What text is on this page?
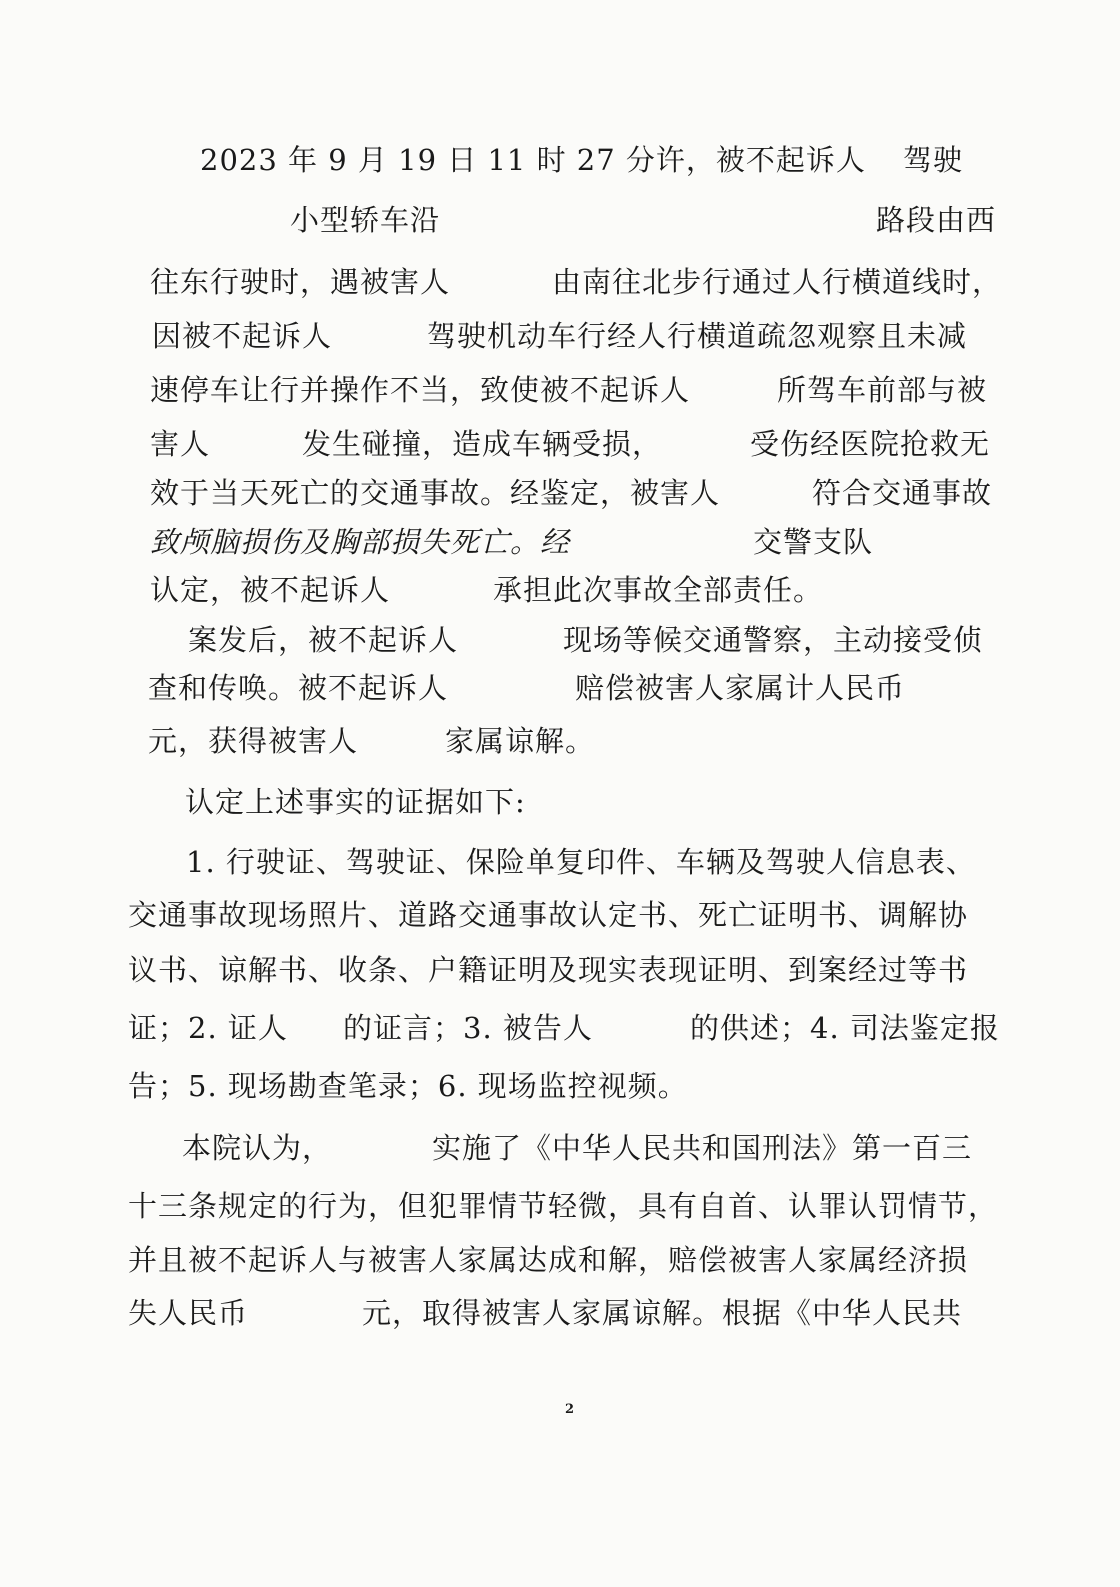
2023 年 9 月 19 日 11 时 27 分许，被不起诉人 驾驶
小型轿车沿	路段由西
往东行驶时，遇被害人	由南往北步行通过人行横道线时，
因被不起诉人	驾驶机动车行经人行横道疏忽观察且未减
速停车让行并操作不当，致使被不起诉人	所驾车前部与被
害人	发生碰撞，造成车辆受损，	受伤经医院抢救无
效于当天死亡的交通事故。经鉴定，被害人	符合交通事故
致颅脑损伤及胸部损失死亡。经	交警支队
认定，被不起诉人	承担此次事故全部责任。
案发后，被不起诉人	现场等候交通警察，主动接受侦
查和传唤。被不起诉人	赔偿被害人家属计人民币
元，获得被害人	家属谅解。
认定上述事实的证据如下:
1. 行驶证、驾驶证、保险单复印件、车辆及驾驶人信息表、
交通事故现场照片、道路交通事故认定书、死亡证明书、调解协
议书、谅解书、收条、户籍证明及现实表现证明、到案经过等书
证；2. 证人 的证言；3. 被告人	的供述；4. 司法鉴定报
告；5. 现场勘查笔录；6. 现场监控视频。
本院认为，	实施了《中华人民共和国刑法》第一百三
十三条规定的行为，但犯罪情节轻微，具有自首、认罪认罚情节，
并且被不起诉人与被害人家属达成和解，赔偿被害人家属经济损
失人民币	元，取得被害人家属谅解。根据《中华人民共
2
